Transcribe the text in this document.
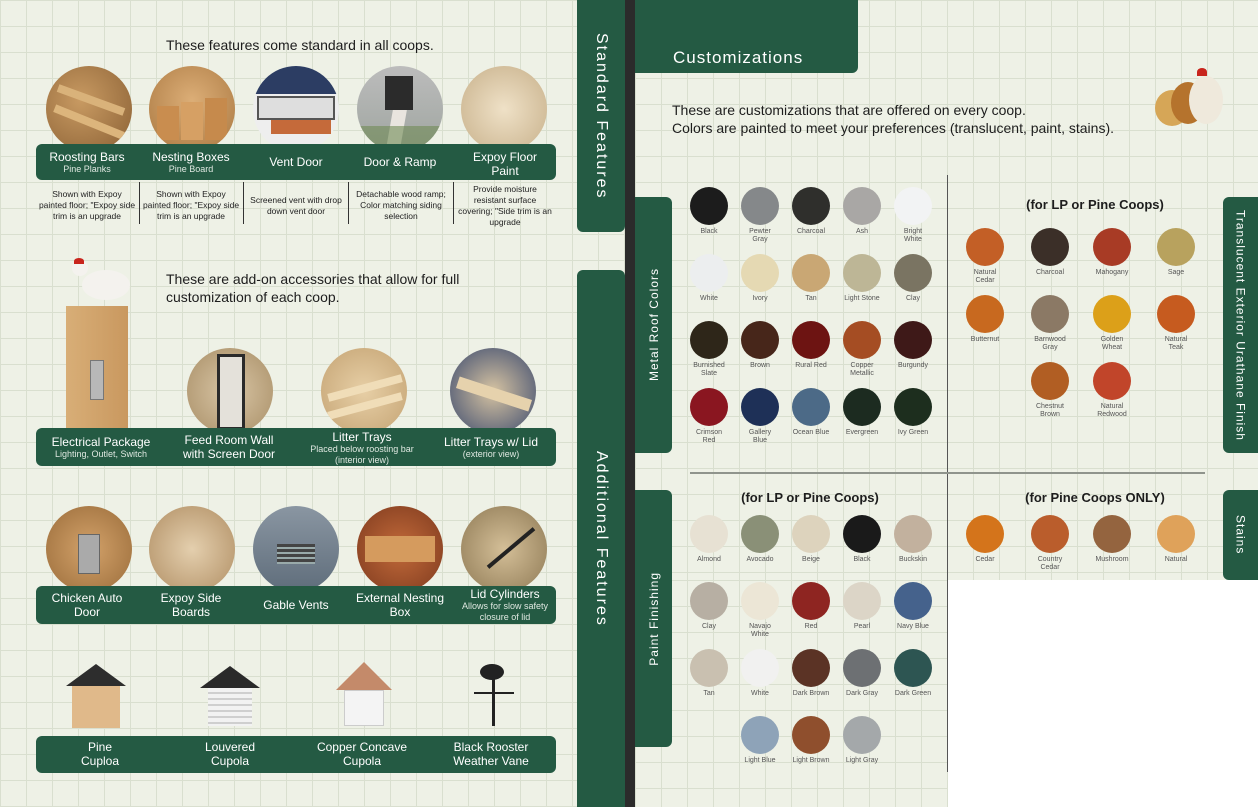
These features come standard in all coops.
Roosting Bars
Pine Planks
Nesting Boxes
Pine Board	Vent Door	Door & Ramp	Expoy Floor Paint
Shown with Expoy painted floor; "Expoy side trim is an upgrade
Shown with Expoy painted floor; "Expoy side trim is an upgrade
Screened vent with drop down vent door
Detachable wood ramp; Color matching siding selection
Provide moisture resistant surface covering; "Side trim is an upgrade
Standard Features
Additional Features
These are add-on accessories that allow for full customization of each coop.
Electrical Package
Lighting, Outlet, Switch
Feed Room Wall with Screen Door
Litter Trays
Placed below roosting bar (interior view)
Litter Trays w/ Lid
(exterior view)
Chicken Auto Door
Expoy Side Boards	Gable Vents	External Nesting Box
Lid Cylinders
Allows for slow safety closure of lid
Pine Cuploa
Louvered Cupola
Copper Concave Cupola
Black Rooster Weather Vane
Customizations
These are customizations that are offered on every coop.
Colors are painted to meet your preferences (translucent, paint, stains).
Metal Roof Colors	Translucent Exterior Urathane Finish
Stains
(for LP or Pine Coops)
(for LP or Pine Coops)	(for Pine Coops ONLY)
Black	Pewter Gray
Charcoal	Ash	Bright White
White	Ivory	Tan	Light Stone	Clay
Burnished Slate
Brown	Rural Red	Copper Metallic
Burgundy
Crimson Red
Gallery Blue
Ocean Blue	Evergreen	Ivy Green
Natural Cedar
Charcoal	Mahogany	Sage
Butternut	Barnwood Gray
Golden Wheat
Natural Teak
Chestnut Brown
Natural Redwood
Almond	Avocado	Beige	Black	Buckskin	Cedar	Country Cedar
Mushroom	Natural
Clay	Navajo White
Red	Pearl	Navy Blue
Tan	White	Dark Brown	Dark Gray	Dark Green
Light Blue	Light Brown	Light Gray
Paint Finishing
